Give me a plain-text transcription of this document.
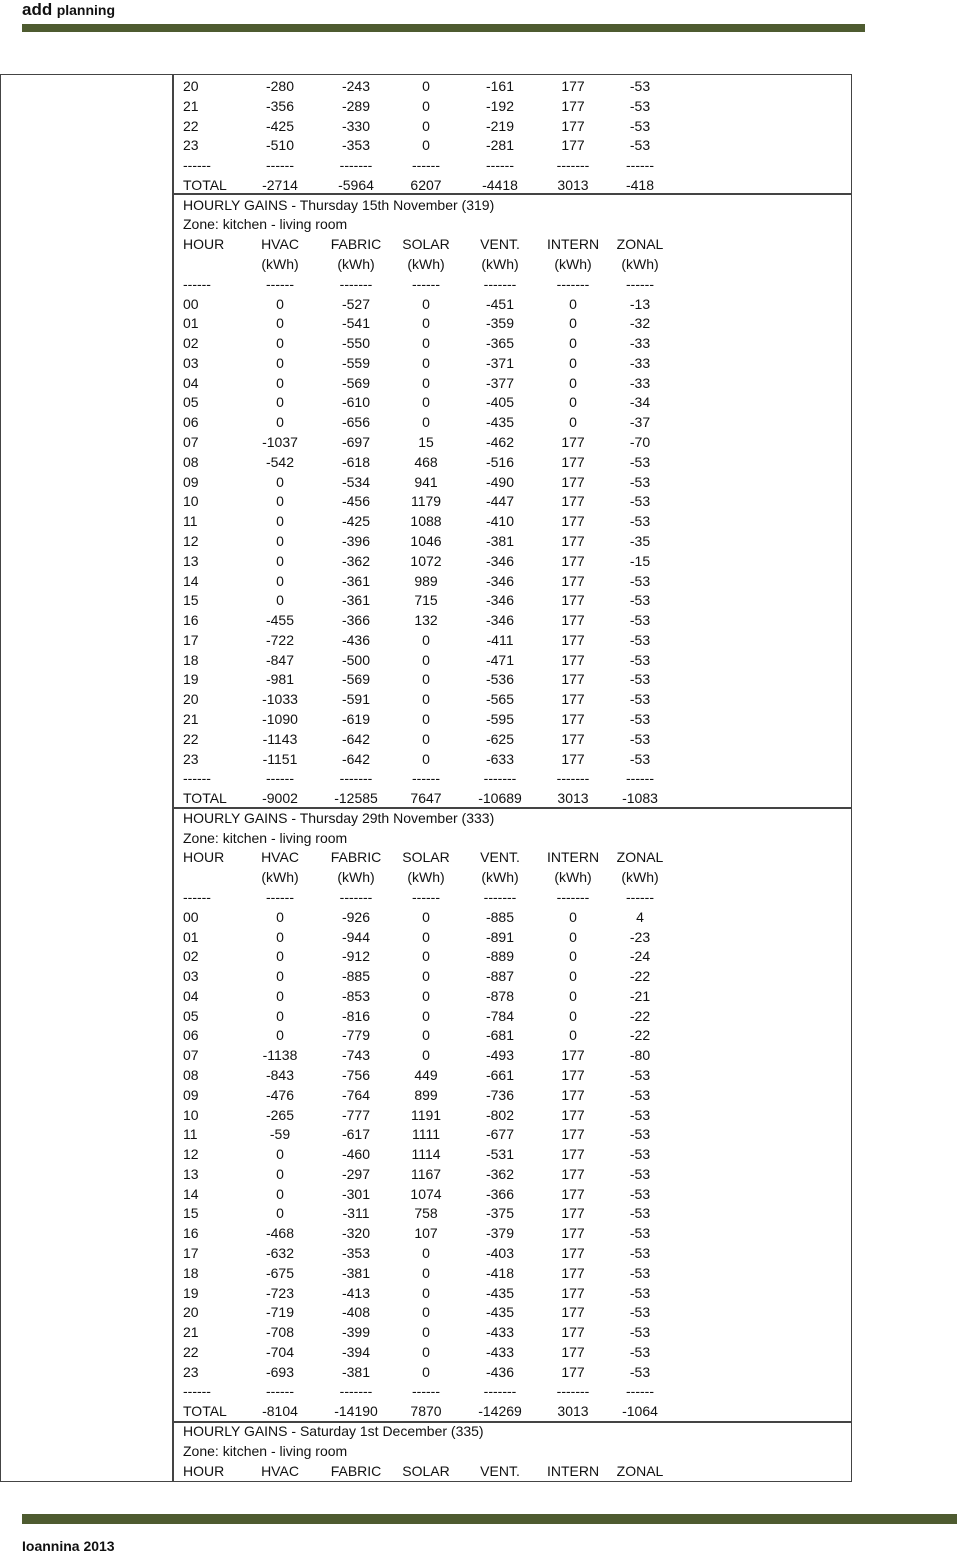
add planning
20	-280	-243	0	-161	177	-53
21	-356	-289	0	-192	177	-53
22	-425	-330	0	-219	177	-53
23	-510	-353	0	-281	177	-53
------	------	-------	------	------	-------	------
TOTAL	-2714	-5964	6207	-4418	3013	-418
HOURLY GAINS - Thursday 15th November (319)
Zone: kitchen - living room
HOUR	HVAC FABRIC SOLAR VENT. INTERN ZONAL
(kWh)	(kWh) (kWh)	(kWh)	(kWh) (kWh)
------	------	-------	------	-------	-------	------
00	0	-527	0	-451	0	-13
01	0	-541	0	-359	0	-32
02	0	-550	0	-365	0	-33
03	0	-559	0	-371	0	-33
04	0	-569	0	-377	0	-33
05	0	-610	0	-405	0	-34
06	0	-656	0	-435	0	-37
07	-1037	-697	15	-462	177	-70
08	-542	-618	468	-516	177	-53
09	0	-534	941	-490	177	-53
10	0	-456	1179	-447	177	-53
11	0	-425	1088	-410	177	-53
12	0	-396	1046	-381	177	-35
13	0	-362	1072	-346	177	-15
14	0	-361	989	-346	177	-53
15	0	-361	715	-346	177	-53
16	-455	-366	132	-346	177	-53
17	-722	-436	0	-411	177	-53
18	-847	-500	0	-471	177	-53
19	-981	-569	0	-536	177	-53
20	-1033	-591	0	-565	177	-53
21	-1090	-619	0	-595	177	-53
22	-1143	-642	0	-625	177	-53
23	-1151	-642	0	-633	177	-53
------	------	-------	------	-------	-------	------
TOTAL	-9002	-12585 7647	-10689	3013 -1083
HOURLY GAINS - Thursday 29th November (333)
Zone: kitchen - living room
HOUR	HVAC FABRIC SOLAR VENT. INTERN ZONAL
(kWh)	(kWh) (kWh)	(kWh)	(kWh) (kWh)
------	------	-------	------	-------	-------	------
00	0	-926	0	-885	0	4
01	0	-944	0	-891	0	-23
02	0	-912	0	-889	0	-24
03	0	-885	0	-887	0	-22
04	0	-853	0	-878	0	-21
05	0	-816	0	-784	0	-22
06	0	-779	0	-681	0	-22
07	-1138	-743	0	-493	177	-80
08	-843	-756	449	-661	177	-53
09	-476	-764	899	-736	177	-53
10	-265	-777	1191	-802	177	-53
11	-59	-617	1111	-677	177	-53
12	0	-460	1114	-531	177	-53
13	0	-297	1167	-362	177	-53
14	0	-301	1074	-366	177	-53
15	0	-311	758	-375	177	-53
16	-468	-320	107	-379	177	-53
17	-632	-353	0	-403	177	-53
18	-675	-381	0	-418	177	-53
19	-723	-413	0	-435	177	-53
20	-719	-408	0	-435	177	-53
21	-708	-399	0	-433	177	-53
22	-704	-394	0	-433	177	-53
23	-693	-381	0	-436	177	-53
------	------	-------	------	-------	-------	------
TOTAL	-8104	-14190 7870	-14269	3013 -1064
HOURLY GAINS - Saturday 1st December (335)
Zone: kitchen - living room
HOUR	HVAC FABRIC SOLAR VENT. INTERN ZONAL
Ioannina 2013
